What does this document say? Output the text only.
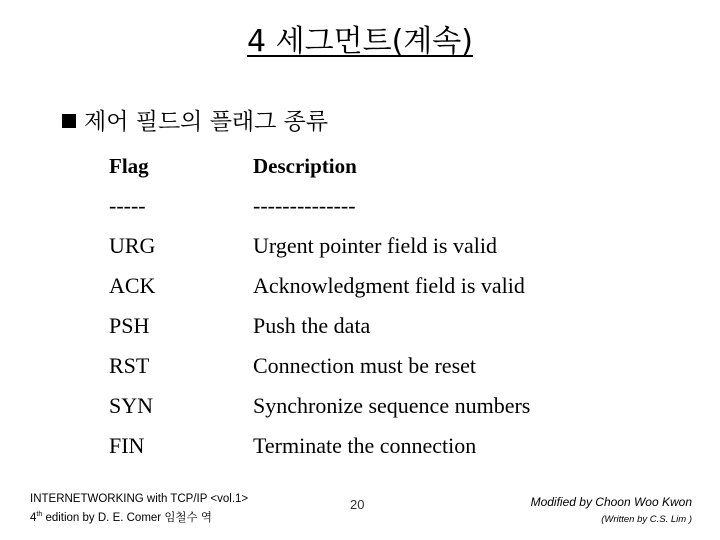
4 세그먼트(계속)
제어 필드의 플래그 종류
Flag	Description
-----	--------------
URG	Urgent pointer field is valid
ACK	Acknowledgment field is valid
PSH	Push the data
RST	Connection must be reset
SYN	Synchronize sequence numbers
FIN	Terminate the connection
INTERNETWORKING with TCP/IP <vol.1>
4th edition by D. E. Comer 임철수 역
20	Modified by Choon Woo Kwon
(Written by C.S. Lim )
